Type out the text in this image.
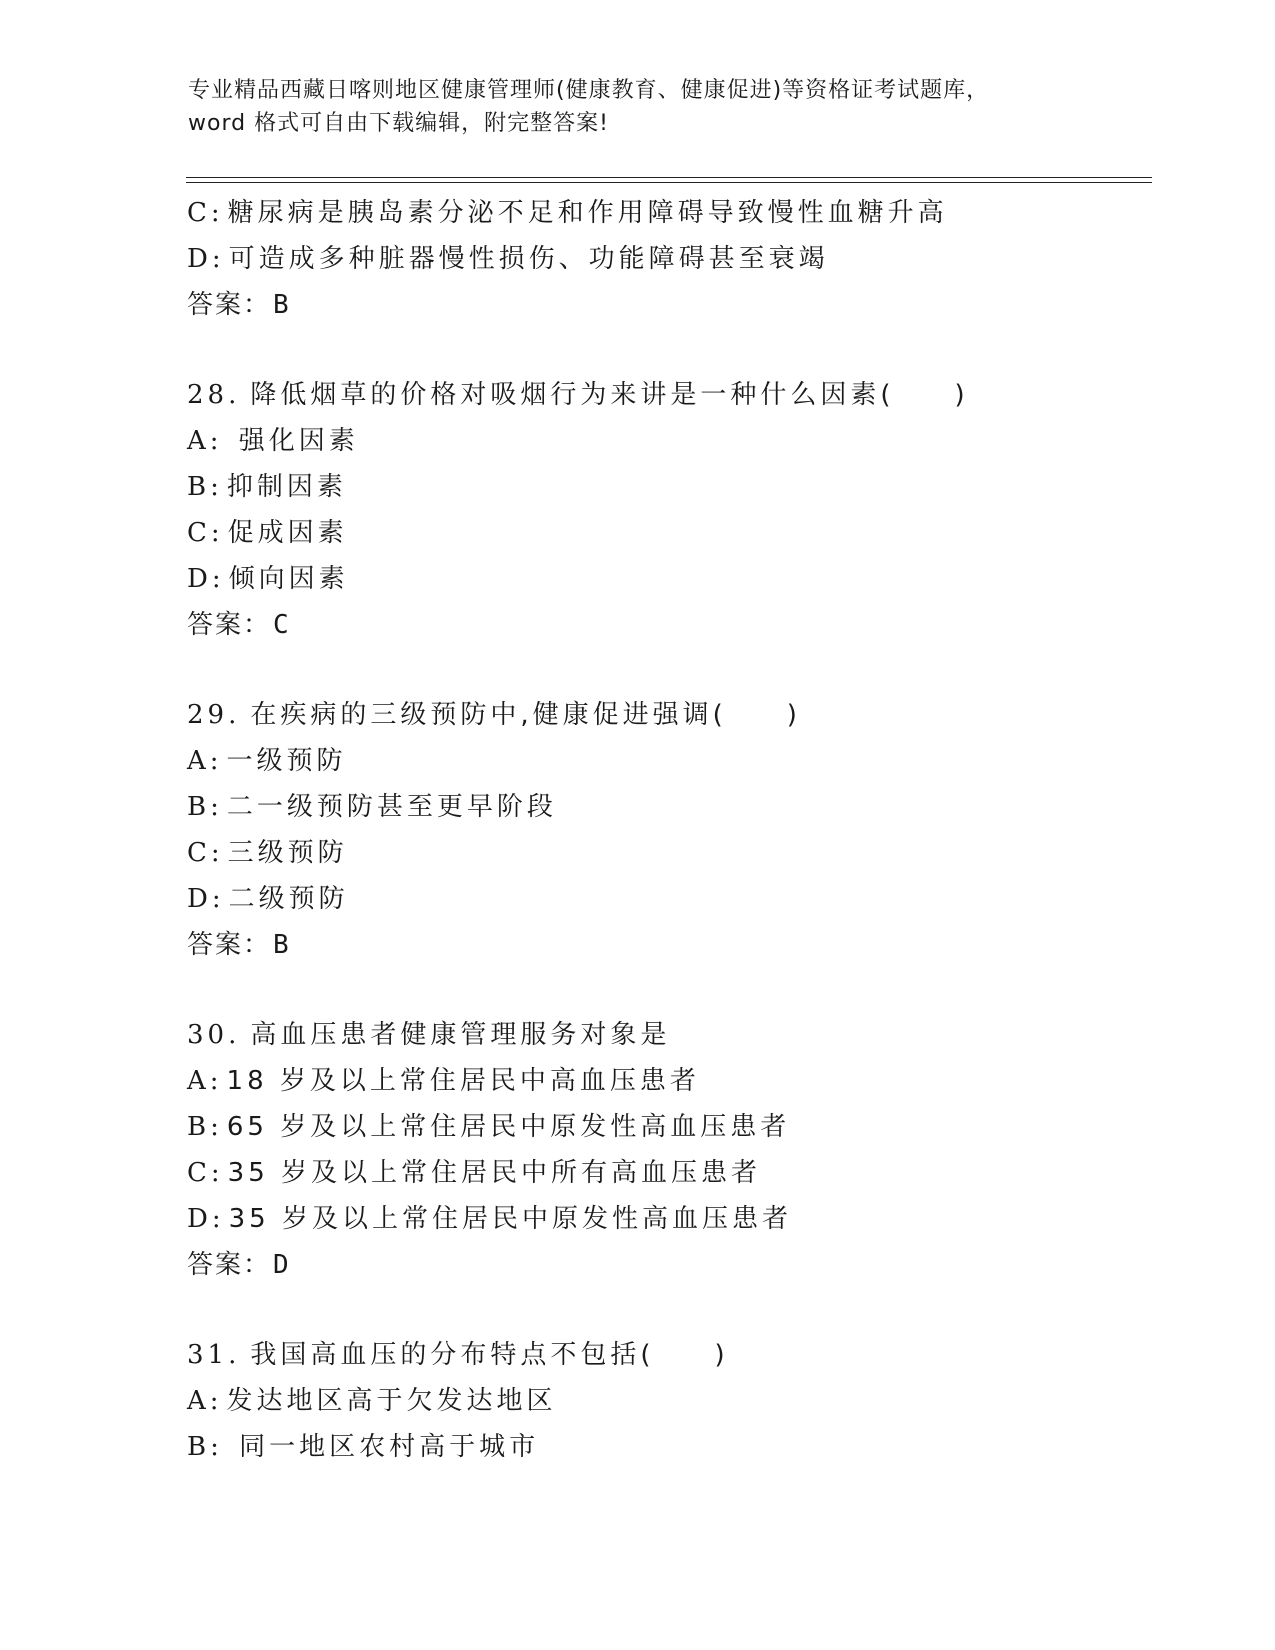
专业精品西藏日喀则地区健康管理师(健康教育、健康促进)等资格证考试题库，
word 格式可自由下载编辑，附完整答案!
C: 糖尿病是胰岛素分泌不足和作用障碍导致慢性血糖升高
D: 可造成多种脏器慢性损伤、功能障碍甚至衰竭
答案：B
28. 降低烟草的价格对吸烟行为来讲是一种什么因素(　　)
A: 强化因素
B: 抑制因素
C: 促成因素
D: 倾向因素
答案：C
29. 在疾病的三级预防中,健康促进强调(　　)
A: 一级预防
B: 二一级预防甚至更早阶段
C: 三级预防
D: 二级预防
答案：B
30. 高血压患者健康管理服务对象是
A: 18 岁及以上常住居民中高血压患者
B: 65 岁及以上常住居民中原发性高血压患者
C: 35 岁及以上常住居民中所有高血压患者
D: 35 岁及以上常住居民中原发性高血压患者
答案：D
31. 我国高血压的分布特点不包括(　　)
A: 发达地区高于欠发达地区
B: 同一地区农村高于城市
